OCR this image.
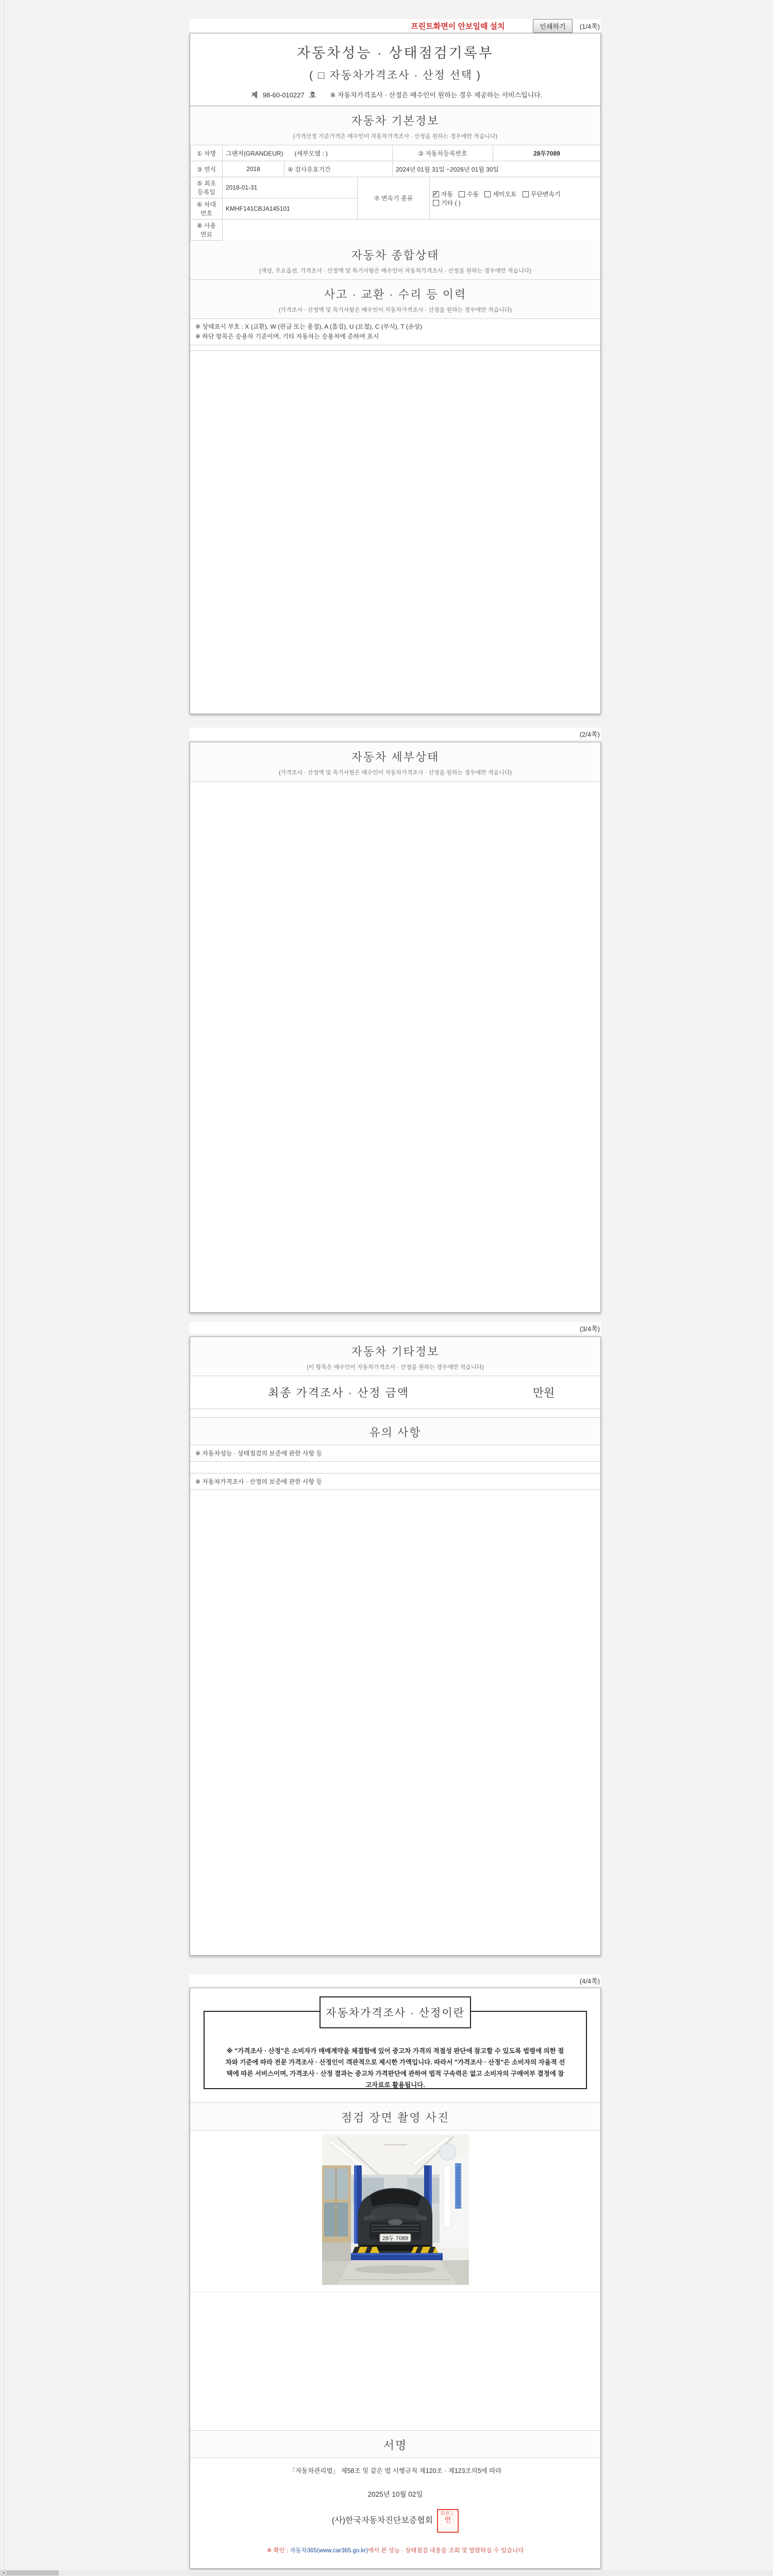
프린트화면이 안보일때 설치	인쇄하기	(1/4쪽)
자동차성능 · 상태점검기록부
( □ 자동차가격조사 · 산정 선택 )
제 98-60-010227 호 ※ 자동차가격조사 · 산정은 매수인이 원하는 경우 제공하는 서비스입니다.
자동차 기본정보
(가격산정 기준가격은 매수인이 자동차가격조사 · 산정을 원하는 경우에만 적습니다)
① 차명	그랜저(GRANDEUR) (세부모델 : )	② 자동차등록번호	28두7089
③ 연식	2018	④ 검사유효기간	2024년 01월 31일 ~2026년 01월 30일
⑤ 최초
등록일	2018-01-31	⑦ 변속기 종류	✓자동 수동 세미오토 무단변속기기타 ( )
⑥ 차대
번호	KMHF141CBJA145101		
⑧ 사용
연료
자동차 종합상태
(색상, 주요옵션, 가격조사 · 산정액 및 특기사항은 매수인이 자동차가격조사 · 산정을 원하는 경우에만 적습니다)
사고 · 교환 · 수리 등 이력
(가격조사 · 산정액 및 특기사항은 매수인이 자동차가격조사 · 산정을 원하는 경우에만 적습니다)
※ 상태표시 부호 : X (교환), W (판금 또는 용접), A (흠집), U (요철), C (부식), T (손상)
※ 하단 항목은 승용차 기준이며, 기타 자동차는 승용차에 준하여 표시
(2/4쪽)
자동차 세부상태
(가격조사 · 산정액 및 특기사항은 매수인이 자동차가격조사 · 산정을 원하는 경우에만 적습니다)
(3/4쪽)
자동차 기타정보
(이 항목은 매수인이 자동차가격조사 · 산정을 원하는 경우에만 적습니다)
최종 가격조사 · 산정 금액	만원
유의 사항
※ 자동차성능 · 상태점검의 보증에 관한 사항 등
※ 자동차가격조사 · 산정의 보증에 관한 사항 등
(4/4쪽)
※ "가격조사 · 산정"은 소비자가 매매계약을 체결함에 있어 중고차 가격의 적절성 판단에 참고할 수 있도록 법령에 의한 절차와 기준에 따라 전문 가격조사 · 산정인이 객관적으로 제시한 가액입니다. 따라서 "가격조사 · 산정"은 소비자의 자율적 선택에 따른 서비스이며, 가격조사 · 산정 결과는 중고차 가격판단에 관하여 법적 구속력은 없고 소비자의 구매여부 결정에 참고자료로 활용됩니다.
자동차가격조사 · 산정이란
점검 장면 촬영 사진
28두 7089
서명
「자동차관리법」 제58조 및 같은 법 시행규칙 제120조 · 제123조의5에 따라
2025년 10월 02일
(사)한국자동차진단보증협회 協會之印 인
※ 확인 : 자동차365(www.car365.go.kr)에서 본 성능 · 상태점검 내용을 조회 및 열람하실 수 있습니다
◂
